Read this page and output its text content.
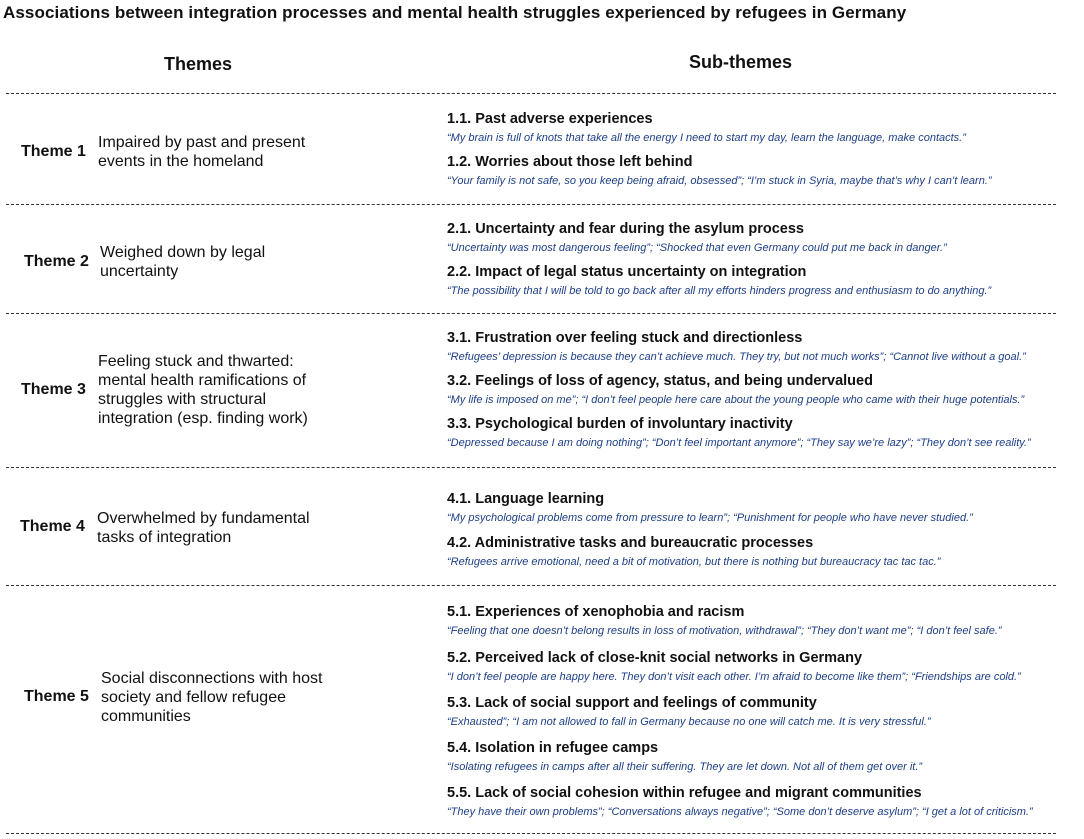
Associations between integration processes and mental health struggles experienced by refugees in Germany
Themes	Sub-themes
Theme 1
Impaired by past and present events in the homeland
1.1. Past adverse experiences
“My brain is full of knots that take all the energy I need to start my day, learn the language, make contacts.”
1.2. Worries about those left behind
“Your family is not safe, so you keep being afraid, obsessed”; “I’m stuck in Syria, maybe that’s why I can’t learn.”
Theme 2
Weighed down by legal uncertainty
2.1. Uncertainty and fear during the asylum process
“Uncertainty was most dangerous feeling”; “Shocked that even Germany could put me back in danger.”
2.2. Impact of legal status uncertainty on integration
“The possibility that I will be told to go back after all my efforts hinders progress and enthusiasm to do anything.”
Theme 3
Feeling stuck and thwarted: mental health ramifications of struggles with structural integration (esp. finding work)
3.1. Frustration over feeling stuck and directionless
“Refugees’ depression is because they can’t achieve much. They try, but not much works”; “Cannot live without a goal.”
3.2. Feelings of loss of agency, status, and being undervalued
“My life is imposed on me”; “I don’t feel people here care about the young people who came with their huge potentials.”
3.3. Psychological burden of involuntary inactivity
“Depressed because I am doing nothing”; “Don’t feel important anymore”; “They say we’re lazy”; “They don’t see reality.”
Theme 4 Overwhelmed by fundamental tasks of integration
4.1. Language learning
“My psychological problems come from pressure to learn”; “Punishment for people who have never studied.”
4.2. Administrative tasks and bureaucratic processes
“Refugees arrive emotional, need a bit of motivation, but there is nothing but bureaucracy tac tac tac.”
Theme 5
Social disconnections with host society and fellow refugee communities
5.1. Experiences of xenophobia and racism
“Feeling that one doesn’t belong results in loss of motivation, withdrawal”; “They don’t want me”; “I don’t feel safe.”
5.2. Perceived lack of close-knit social networks in Germany
“I don’t feel people are happy here. They don’t visit each other. I’m afraid to become like them”; “Friendships are cold.”
5.3. Lack of social support and feelings of community
“Exhausted”; “I am not allowed to fall in Germany because no one will catch me. It is very stressful.”
5.4. Isolation in refugee camps
“Isolating refugees in camps after all their suffering. They are let down. Not all of them get over it.”
5.5. Lack of social cohesion within refugee and migrant communities
“They have their own problems”; “Conversations always negative”; “Some don’t deserve asylum”; “I get a lot of criticism.”
